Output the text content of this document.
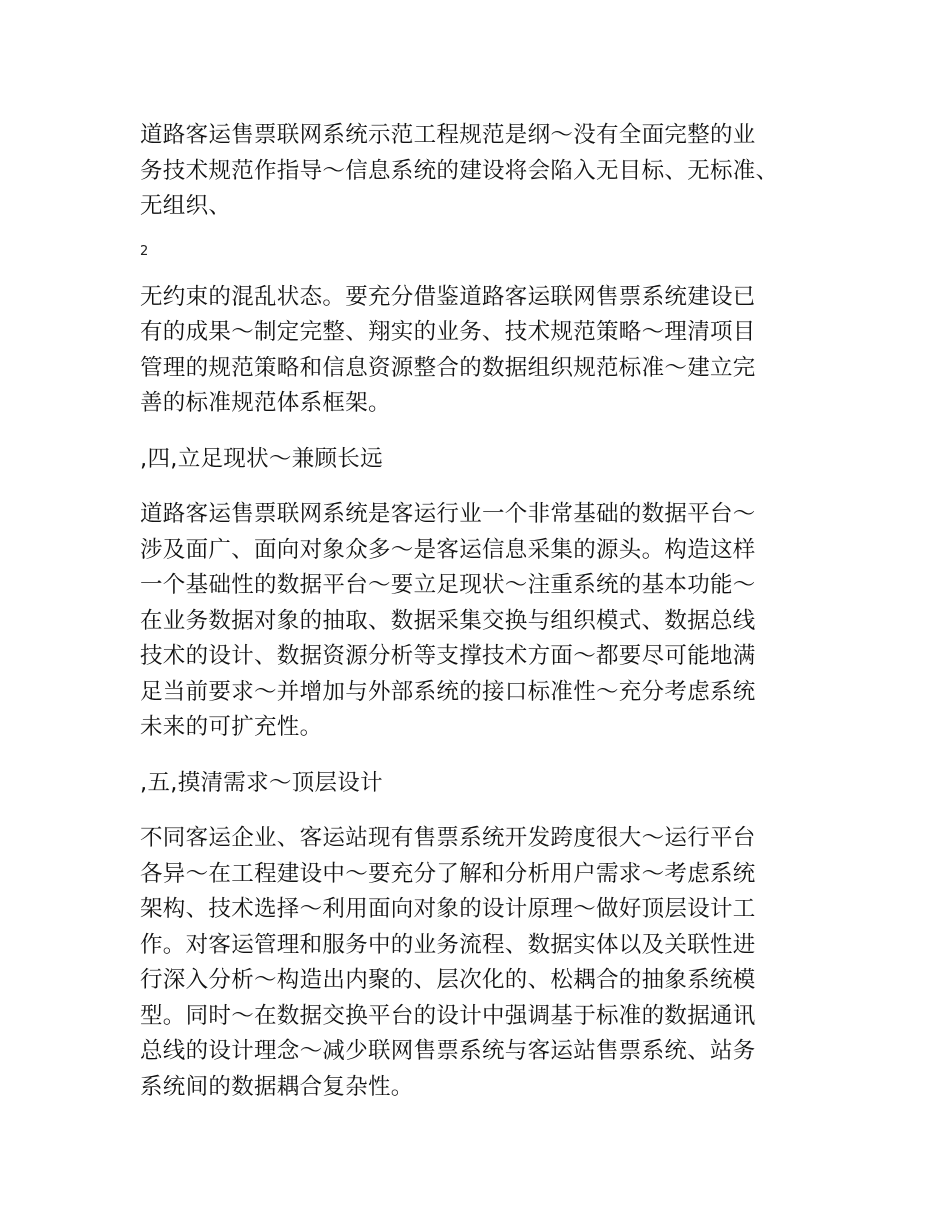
道路客运售票联网系统示范工程规范是纲～没有全面完整的业
务技术规范作指导～信息系统的建设将会陷入无目标、无标准、
无组织、

2

无约束的混乱状态。要充分借鉴道路客运联网售票系统建设已
有的成果～制定完整、翔实的业务、技术规范策略～理清项目
管理的规范策略和信息资源整合的数据组织规范标准～建立完
善的标准规范体系框架。

,四,立足现状～兼顾长远

道路客运售票联网系统是客运行业一个非常基础的数据平台～
涉及面广、面向对象众多～是客运信息采集的源头。构造这样
一个基础性的数据平台～要立足现状～注重系统的基本功能～
在业务数据对象的抽取、数据采集交换与组织模式、数据总线
技术的设计、数据资源分析等支撑技术方面～都要尽可能地满
足当前要求～并增加与外部系统的接口标准性～充分考虑系统
未来的可扩充性。

,五,摸清需求～顶层设计

不同客运企业、客运站现有售票系统开发跨度很大～运行平台
各异～在工程建设中～要充分了解和分析用户需求～考虑系统
架构、技术选择～利用面向对象的设计原理～做好顶层设计工
作。对客运管理和服务中的业务流程、数据实体以及关联性进
行深入分析～构造出内聚的、层次化的、松耦合的抽象系统模
型。同时～在数据交换平台的设计中强调基于标准的数据通讯
总线的设计理念～减少联网售票系统与客运站售票系统、站务
系统间的数据耦合复杂性。
